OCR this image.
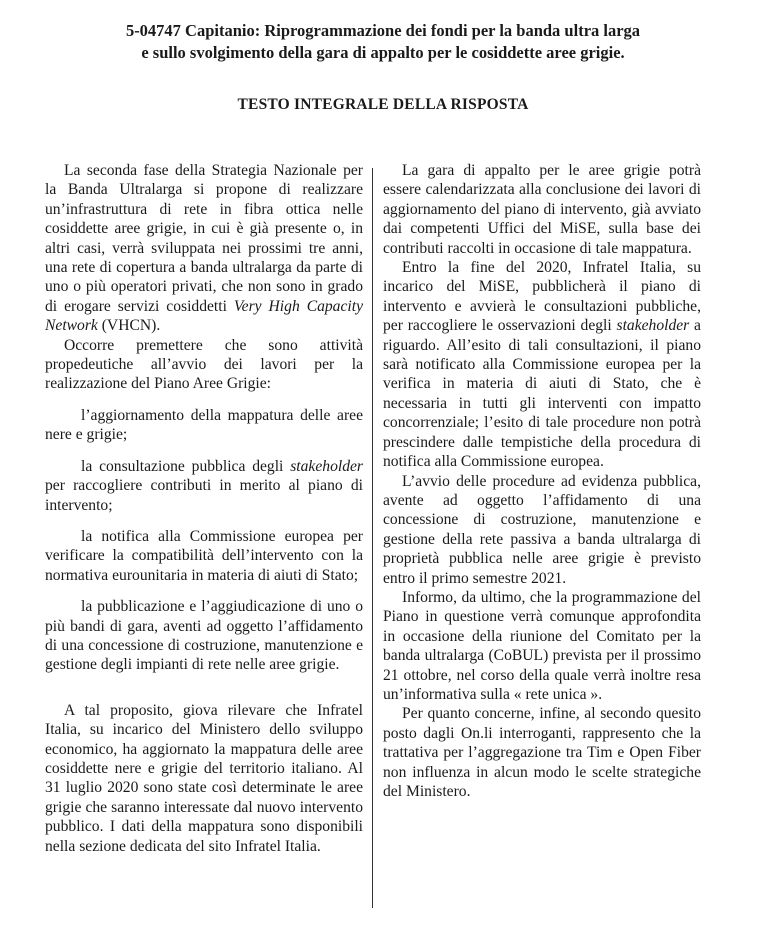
5-04747 Capitanio: Riprogrammazione dei fondi per la banda ultra larga
e sullo svolgimento della gara di appalto per le cosiddette aree grigie.
TESTO INTEGRALE DELLA RISPOSTA

La seconda fase della Strategia Nazionale per la Banda Ultralarga si propone di realizzare un’infrastruttura di rete in fibra ottica nelle cosiddette aree grigie, in cui è già presente o, in altri casi, verrà sviluppata nei prossimi tre anni, una rete di copertura a banda ultralarga da parte di uno o più operatori privati, che non sono in grado di erogare servizi cosiddetti Very High Capacity Network (VHCN).

Occorre premettere che sono attività propedeutiche all’avvio dei lavori per la realizzazione del Piano Aree Grigie:

l’aggiornamento della mappatura delle aree nere e grigie;

la consultazione pubblica degli stakeholder per raccogliere contributi in merito al piano di intervento;

la notifica alla Commissione europea per verificare la compatibilità dell’intervento con la normativa eurounitaria in materia di aiuti di Stato;

la pubblicazione e l’aggiudicazione di uno o più bandi di gara, aventi ad oggetto l’affidamento di una concessione di costruzione, manutenzione e gestione degli impianti di rete nelle aree grigie.

A tal proposito, giova rilevare che Infratel Italia, su incarico del Ministero dello sviluppo economico, ha aggiornato la mappatura delle aree cosiddette nere e grigie del territorio italiano. Al 31 luglio 2020 sono state così determinate le aree grigie che saranno interessate dal nuovo intervento pubblico. I dati della mappatura sono disponibili nella sezione dedicata del sito Infratel Italia.

La gara di appalto per le aree grigie potrà essere calendarizzata alla conclusione dei lavori di aggiornamento del piano di intervento, già avviato dai competenti Uffici del MiSE, sulla base dei contributi raccolti in occasione di tale mappatura.

Entro la fine del 2020, Infratel Italia, su incarico del MiSE, pubblicherà il piano di intervento e avvierà le consultazioni pubbliche, per raccogliere le osservazioni degli stakeholder a riguardo. All’esito di tali consultazioni, il piano sarà notificato alla Commissione europea per la verifica in materia di aiuti di Stato, che è necessaria in tutti gli interventi con impatto concorrenziale; l’esito di tale procedure non potrà prescindere dalle tempistiche della procedura di notifica alla Commissione europea.

L’avvio delle procedure ad evidenza pubblica, avente ad oggetto l’affidamento di una concessione di costruzione, manutenzione e gestione della rete passiva a banda ultralarga di proprietà pubblica nelle aree grigie è previsto entro il primo semestre 2021.

Informo, da ultimo, che la programmazione del Piano in questione verrà comunque approfondita in occasione della riunione del Comitato per la banda ultralarga (CoBUL) prevista per il prossimo 21 ottobre, nel corso della quale verrà inoltre resa un’informativa sulla « rete unica ».

Per quanto concerne, infine, al secondo quesito posto dagli On.li interroganti, rappresento che la trattativa per l’aggregazione tra Tim e Open Fiber non influenza in alcun modo le scelte strategiche del Ministero.
